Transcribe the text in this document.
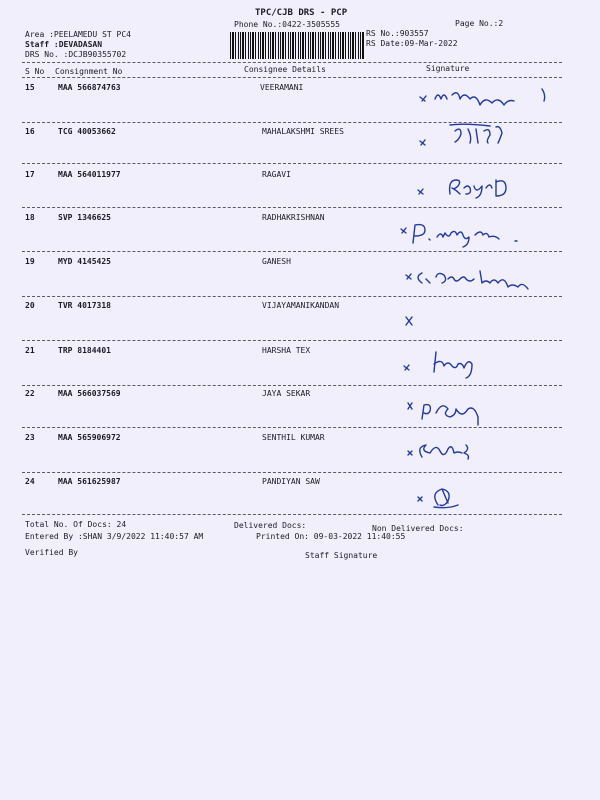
TPC/CJB DRS - PCP
Phone No.:0422-3505555	Page No.:2
Area :PEELAMEDU ST PC4
Staff :DEVADASAN
DRS No. :DCJB90355702
RS No.:903557
RS Date:09-Mar-2022
S No Consignment No	Consignee Details	Signature
15	MAA 566874763	VEERAMANI
16	TCG 40053662	MAHALAKSHMI SREES
17	MAA 564011977	RAGAVI
18	SVP 1346625	RADHAKRISHNAN
19	MYD 4145425	GANESH
20	TVR 4017318	VIJAYAMANIKANDAN
21	TRP 8184401	HARSHA TEX
22	MAA 566037569	JAYA SEKAR
23	MAA 565906972	SENTHIL KUMAR
24	MAA 561625987	PANDIYAN SAW
Total No. Of Docs: 24	Delivered Docs:	Non Delivered Docs:
Entered By :SHAN 3/9/2022 11:40:57 AM	Printed On: 09-03-2022 11:40:55
Verified By	Staff Signature
